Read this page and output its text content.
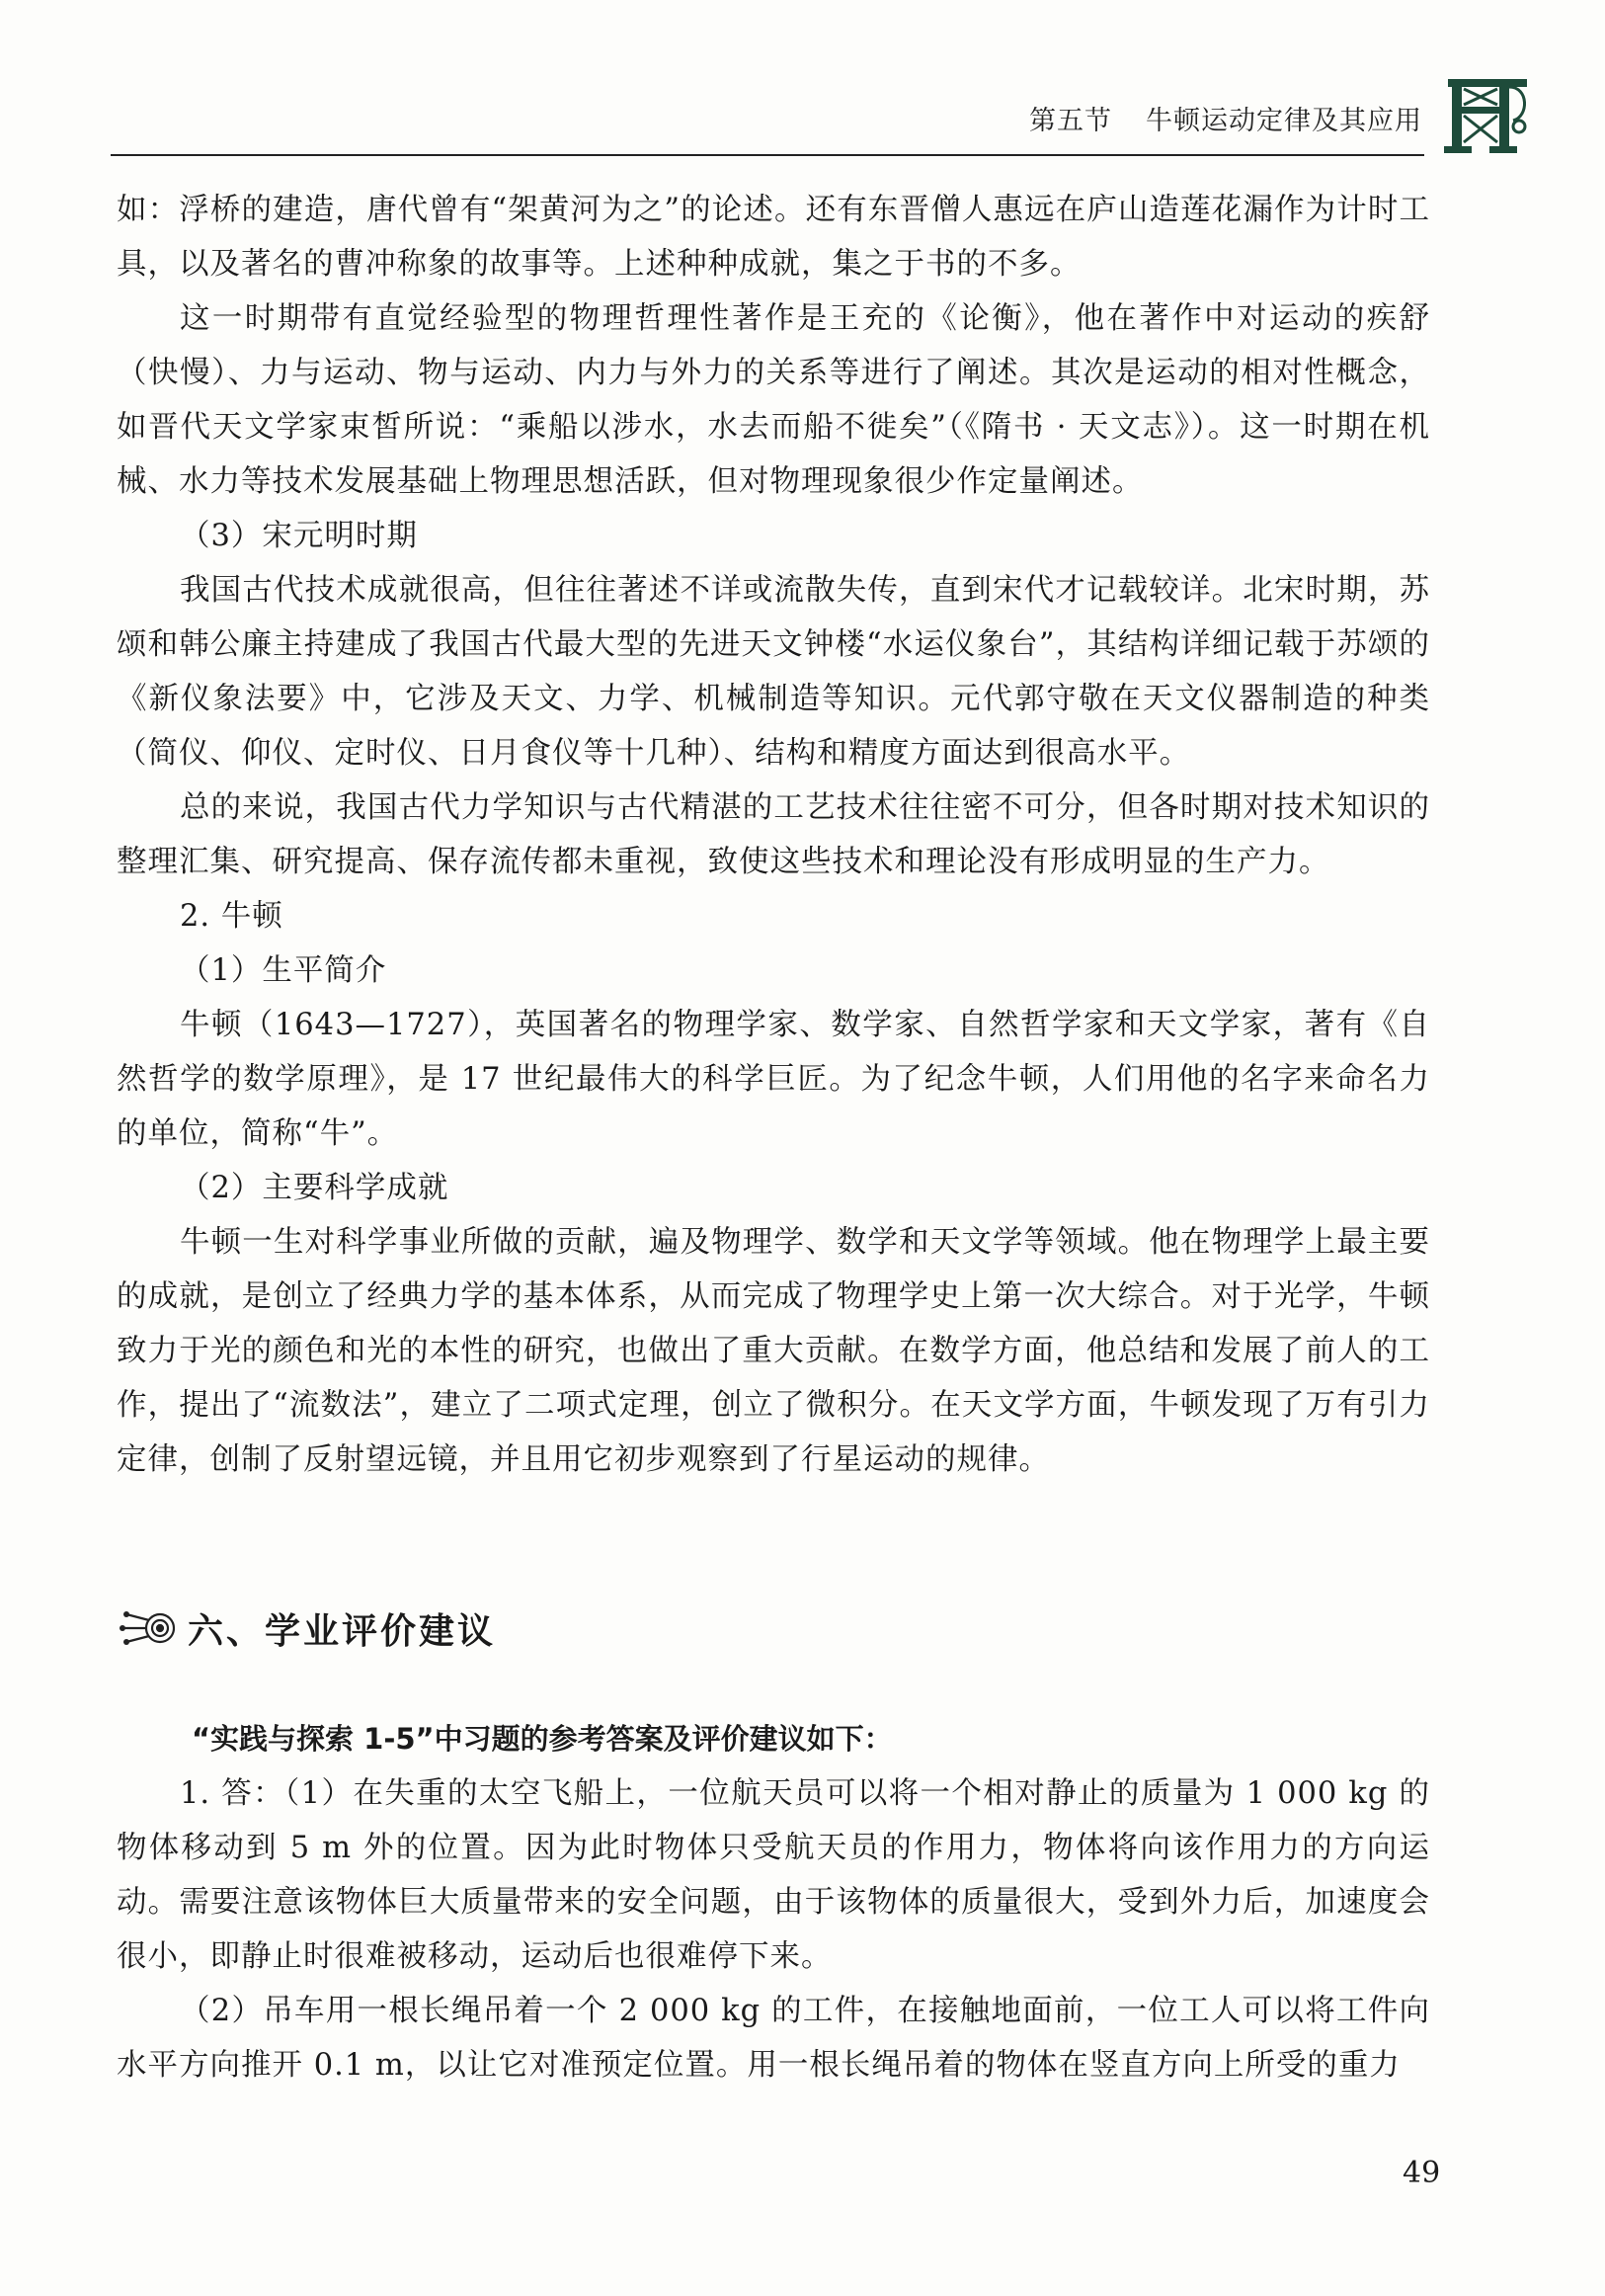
第五节 牛顿运动定律及其应用

如：浮桥的建造，唐代曾有“架黄河为之”的论述。还有东晋僧人惠远在庐山造莲花漏作为计时工具，以及著名的曹冲称象的故事等。上述种种成就，集之于书的不多。

这一时期带有直觉经验型的物理哲理性著作是王充的《论衡》，他在著作中对运动的疾舒（快慢）、力与运动、物与运动、内力与外力的关系等进行了阐述。其次是运动的相对性概念，如晋代天文学家束皙所说：“乘船以涉水，水去而船不徙矣”（《隋书 · 天文志》）。这一时期在机械、水力等技术发展基础上物理思想活跃，但对物理现象很少作定量阐述。

（3）宋元明时期

我国古代技术成就很高，但往往著述不详或流散失传，直到宋代才记载较详。北宋时期，苏颂和韩公廉主持建成了我国古代最大型的先进天文钟楼“水运仪象台”，其结构详细记载于苏颂的《新仪象法要》中，它涉及天文、力学、机械制造等知识。元代郭守敬在天文仪器制造的种类（简仪、仰仪、定时仪、日月食仪等十几种）、结构和精度方面达到很高水平。

总的来说，我国古代力学知识与古代精湛的工艺技术往往密不可分，但各时期对技术知识的整理汇集、研究提高、保存流传都未重视，致使这些技术和理论没有形成明显的生产力。

2. 牛顿

（1）生平简介

牛顿（1643—1727），英国著名的物理学家、数学家、自然哲学家和天文学家，著有《自然哲学的数学原理》，是 17 世纪最伟大的科学巨匠。为了纪念牛顿，人们用他的名字来命名力的单位，简称“牛”。

（2）主要科学成就

牛顿一生对科学事业所做的贡献，遍及物理学、数学和天文学等领域。他在物理学上最主要的成就，是创立了经典力学的基本体系，从而完成了物理学史上第一次大综合。对于光学，牛顿致力于光的颜色和光的本性的研究，也做出了重大贡献。在数学方面，他总结和发展了前人的工作，提出了“流数法”，建立了二项式定理，创立了微积分。在天文学方面，牛顿发现了万有引力定律，创制了反射望远镜，并且用它初步观察到了行星运动的规律。

六、学业评价建议
“实践与探索 1-5”中习题的参考答案及评价建议如下：

1. 答：（1）在失重的太空飞船上，一位航天员可以将一个相对静止的质量为 1 000 kg 的物体移动到 5 m 外的位置。因为此时物体只受航天员的作用力，物体将向该作用力的方向运动。需要注意该物体巨大质量带来的安全问题，由于该物体的质量很大，受到外力后，加速度会很小，即静止时很难被移动，运动后也很难停下来。

（2）吊车用一根长绳吊着一个 2 000 kg 的工件，在接触地面前，一位工人可以将工件向水平方向推开 0.1 m，以让它对准预定位置。用一根长绳吊着的物体在竖直方向上所受的重力

49
